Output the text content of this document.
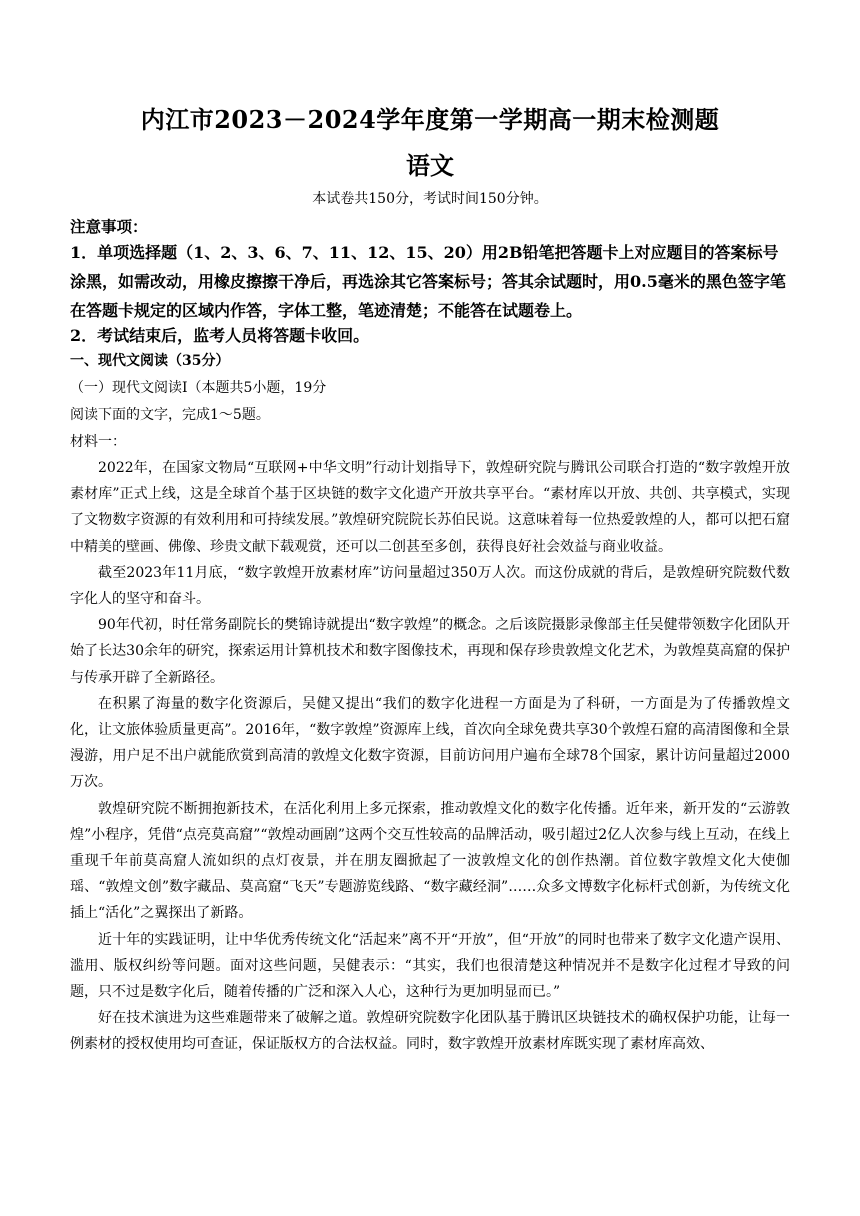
内江市2023－2024学年度第一学期高一期末检测题
语文
本试卷共150分，考试时间150分钟。
注意事项：
1．单项选择题（1、2、3、6、7、11、12、15、20）用2B铅笔把答题卡上对应题目的答案标号涂黑，如需改动，用橡皮擦擦干净后，再选涂其它答案标号；答其余试题时，用0.5毫米的黑色签字笔在答题卡规定的区域内作答，字体工整，笔迹清楚；不能答在试题卷上。
2．考试结束后，监考人员将答题卡收回。
一、现代文阅读（35分）
（一）现代文阅读Ⅰ（本题共5小题，19分
阅读下面的文字，完成1～5题。
材料一：

2022年，在国家文物局“互联网+中华文明”行动计划指导下，敦煌研究院与腾讯公司联合打造的“数字敦煌开放素材库”正式上线，这是全球首个基于区块链的数字文化遗产开放共享平台。“素材库以开放、共创、共享模式，实现了文物数字资源的有效利用和可持续发展。”敦煌研究院院长苏伯民说。这意味着每一位热爱敦煌的人，都可以把石窟中精美的壁画、佛像、珍贵文献下载观赏，还可以二创甚至多创，获得良好社会效益与商业收益。

截至2023年11月底，“数字敦煌开放素材库”访问量超过350万人次。而这份成就的背后，是敦煌研究院数代数字化人的坚守和奋斗。

90年代初，时任常务副院长的樊锦诗就提出“数字敦煌”的概念。之后该院摄影录像部主任吴健带领数字化团队开始了长达30余年的研究，探索运用计算机技术和数字图像技术，再现和保存珍贵敦煌文化艺术，为敦煌莫高窟的保护与传承开辟了全新路径。

在积累了海量的数字化资源后，吴健又提出“我们的数字化进程一方面是为了科研，一方面是为了传播敦煌文化，让文旅体验质量更高”。2016年，“数字敦煌”资源库上线，首次向全球免费共享30个敦煌石窟的高清图像和全景漫游，用户足不出户就能欣赏到高清的敦煌文化数字资源，目前访问用户遍布全球78个国家，累计访问量超过2000万次。

敦煌研究院不断拥抱新技术，在活化利用上多元探索，推动敦煌文化的数字化传播。近年来，新开发的“云游敦煌”小程序，凭借“点亮莫高窟”“敦煌动画剧”这两个交互性较高的品牌活动，吸引超过2亿人次参与线上互动，在线上重现千年前莫高窟人流如织的点灯夜景，并在朋友圈掀起了一波敦煌文化的创作热潮。首位数字敦煌文化大使伽瑶、“敦煌文创”数字藏品、莫高窟“飞天”专题游览线路、“数字藏经洞”……众多文博数字化标杆式创新，为传统文化插上“活化”之翼探出了新路。

近十年的实践证明，让中华优秀传统文化“活起来”离不开“开放”，但“开放”的同时也带来了数字文化遗产误用、滥用、版权纠纷等问题。面对这些问题，吴健表示：“其实，我们也很清楚这种情况并不是数字化过程才导致的问题，只不过是数字化后，随着传播的广泛和深入人心，这种行为更加明显而已。”

好在技术演进为这些难题带来了破解之道。敦煌研究院数字化团队基于腾讯区块链技术的确权保护功能，让每一例素材的授权使用均可查证，保证版权方的合法权益。同时，数字敦煌开放素材库既实现了素材库高效、
